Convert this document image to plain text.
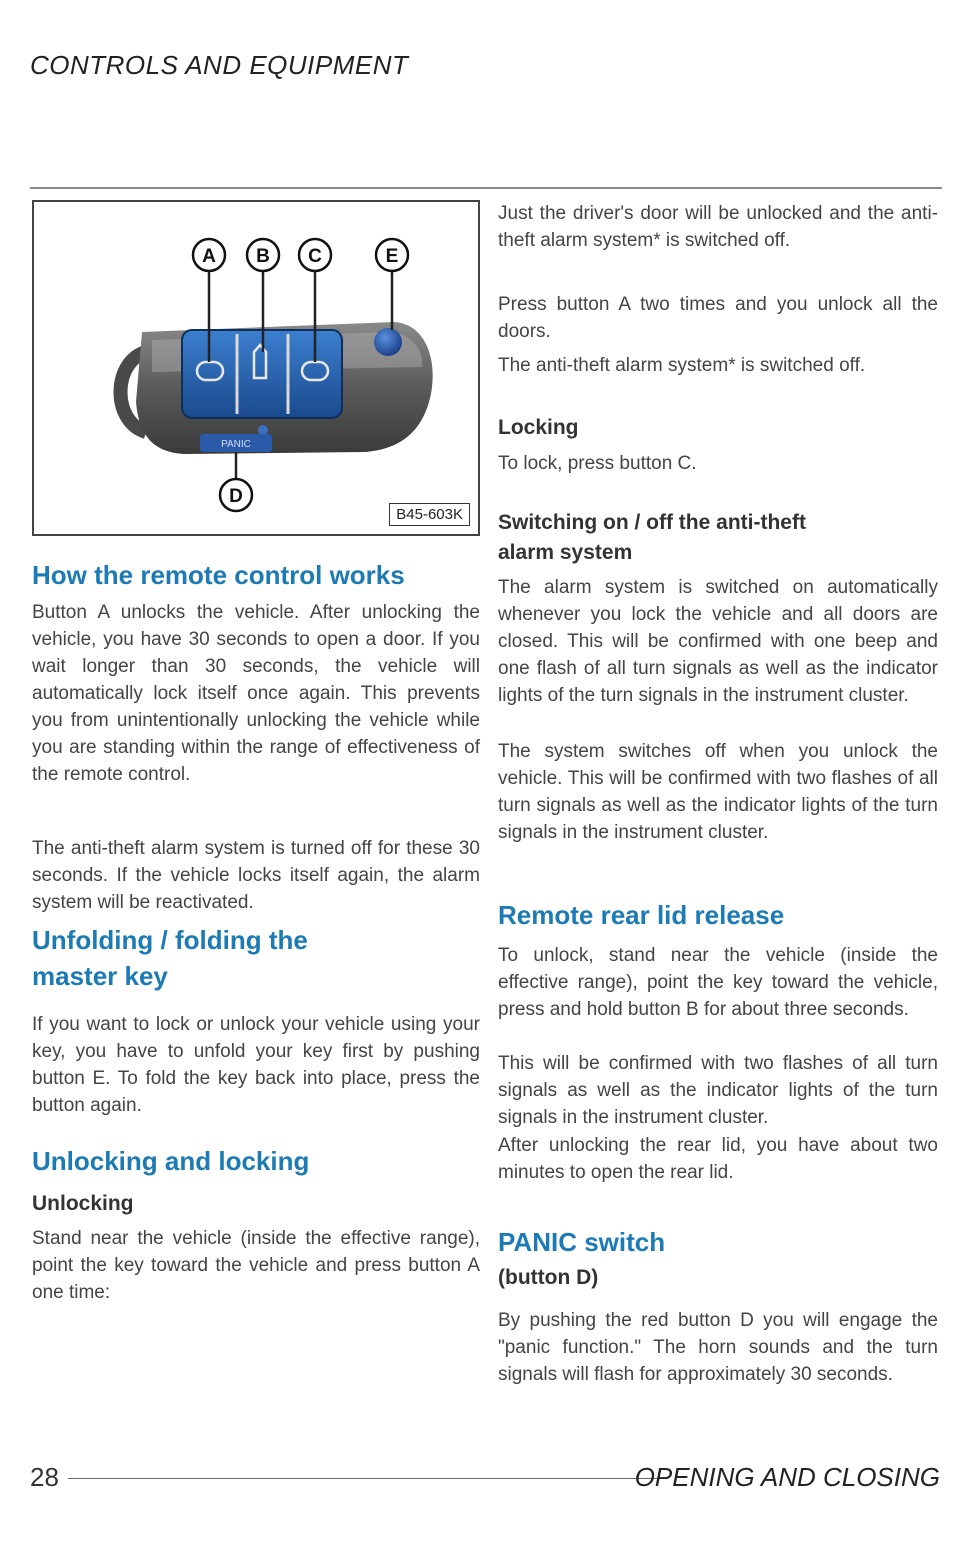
CONTROLS AND EQUIPMENT
PANIC
A B C	E
D
B45-603K
How the remote control works

Button A unlocks the vehicle. After unlocking the vehicle, you have 30 seconds to open a door. If you wait longer than 30 seconds, the vehicle will automatically lock itself once again. This prevents you from unintentionally unlocking the vehicle while you are standing within the range of effectiveness of the remote control.

The anti-theft alarm system is turned off for these 30 seconds. If the vehicle locks itself again, the alarm system will be reactivated.

Unfolding / folding the master key

If you want to lock or unlock your vehicle using your key, you have to unfold your key first by pushing button E. To fold the key back into place, press the button again.

Unlocking and locking
Unlocking

Stand near the vehicle (inside the effective range), point the key toward the vehicle and press button A one time:

Just the driver's door will be unlocked and the anti-theft alarm system* is switched off.

Press button A two times and you unlock all the doors.

The anti-theft alarm system* is switched off.

Locking

To lock, press button C.

Switching on / off the anti-theft alarm system

The alarm system is switched on automatically whenever you lock the vehicle and all doors are closed. This will be confirmed with one beep and one flash of all turn signals as well as the indicator lights of the turn signals in the instrument cluster.

The system switches off when you unlock the vehicle. This will be confirmed with two flashes of all turn signals as well as the indicator lights of the turn signals in the instrument cluster.

Remote rear lid release

To unlock, stand near the vehicle (inside the effective range), point the key toward the vehicle, press and hold button B for about three seconds.

This will be confirmed with two flashes of all turn signals as well as the indicator lights of the turn signals in the instrument cluster.

After unlocking the rear lid, you have about two minutes to open the rear lid.

PANIC switch
(button D)

By pushing the red button D you will engage the "panic function." The horn sounds and the turn signals will flash for approximately 30 seconds.

28	OPENING AND CLOSING
